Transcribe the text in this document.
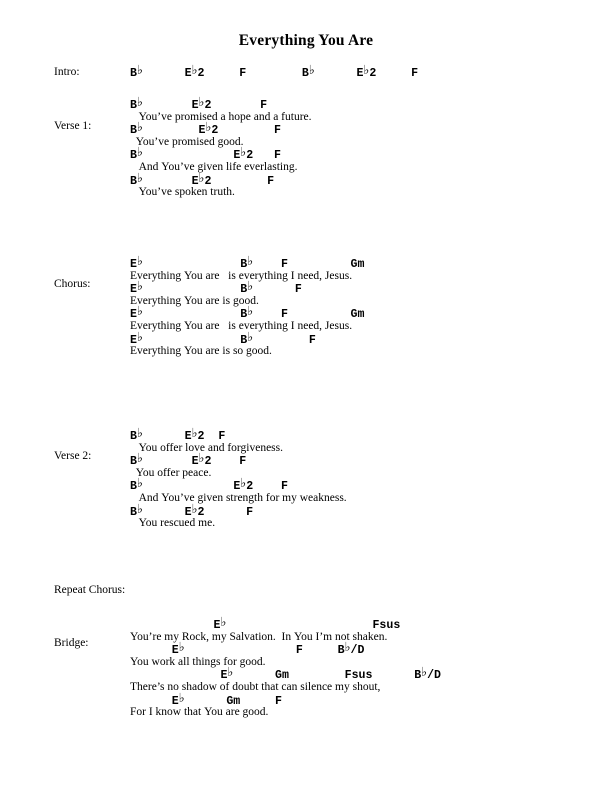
Everything You Are
Intro:	B♭      E♭2     F        B♭      E♭2     F
Verse 1:
B♭       E♭2       F
You’ve promised a hope and a future.
B♭        E♭2        F
You’ve promised good.
B♭             E♭2   F
And You’ve given life everlasting.
B♭       E♭2        F
You’ve spoken truth.
Chorus:
E♭              B♭    F         Gm
Everything You are   is everything I need, Jesus.
E♭              B♭      F
Everything You are is good.
E♭              B♭    F         Gm
Everything You are   is everything I need, Jesus.
E♭              B♭        F
Everything You are is so good.
Verse 2:
B♭      E♭2  F
You offer love and forgiveness.
B♭       E♭2    F
You offer peace.
B♭             E♭2    F
And You’ve given strength for my weakness.
B♭      E♭2      F
You rescued me.
Repeat Chorus:
Bridge:
E♭                     Fsus
You’re my Rock, my Salvation.  In You I’m not shaken.
E♭                F     B♭/D
You work all things for good.
E♭      Gm        Fsus      B♭/D
There’s no shadow of doubt that can silence my shout,
E♭      Gm     F
For I know that You are good.
